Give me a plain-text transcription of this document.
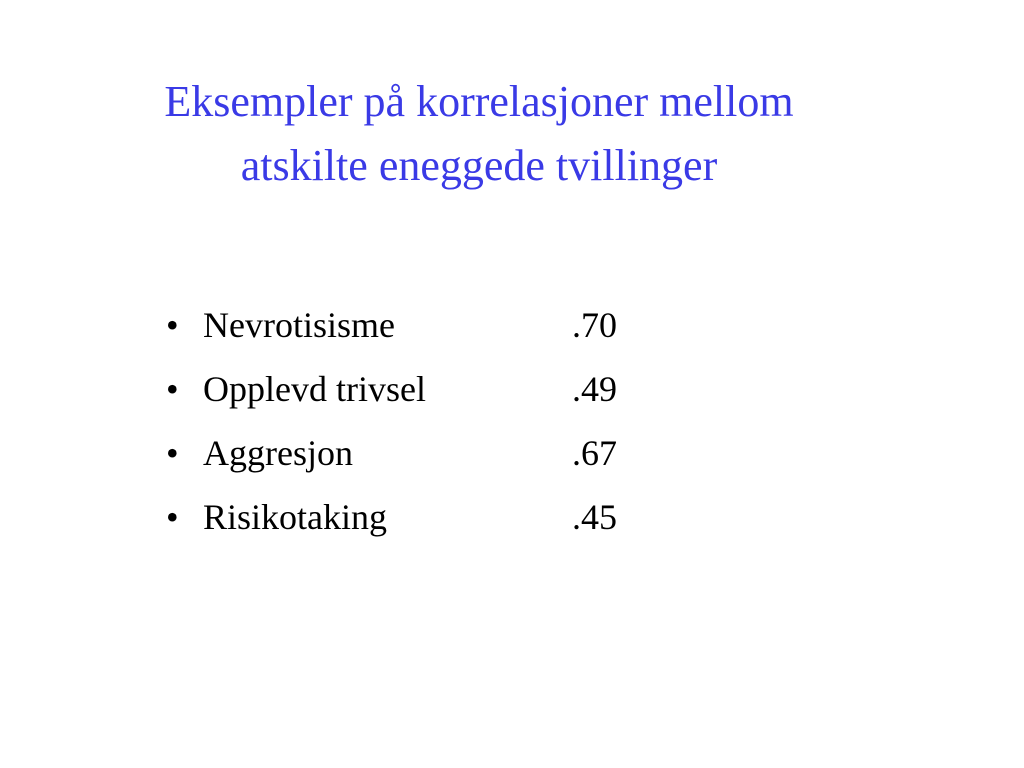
Eksempler på korrelasjoner mellom
atskilte eneggede tvillinger
• Nevrotisisme	.70
• Opplevd trivsel	.49
• Aggresjon	.67
• Risikotaking	.45
